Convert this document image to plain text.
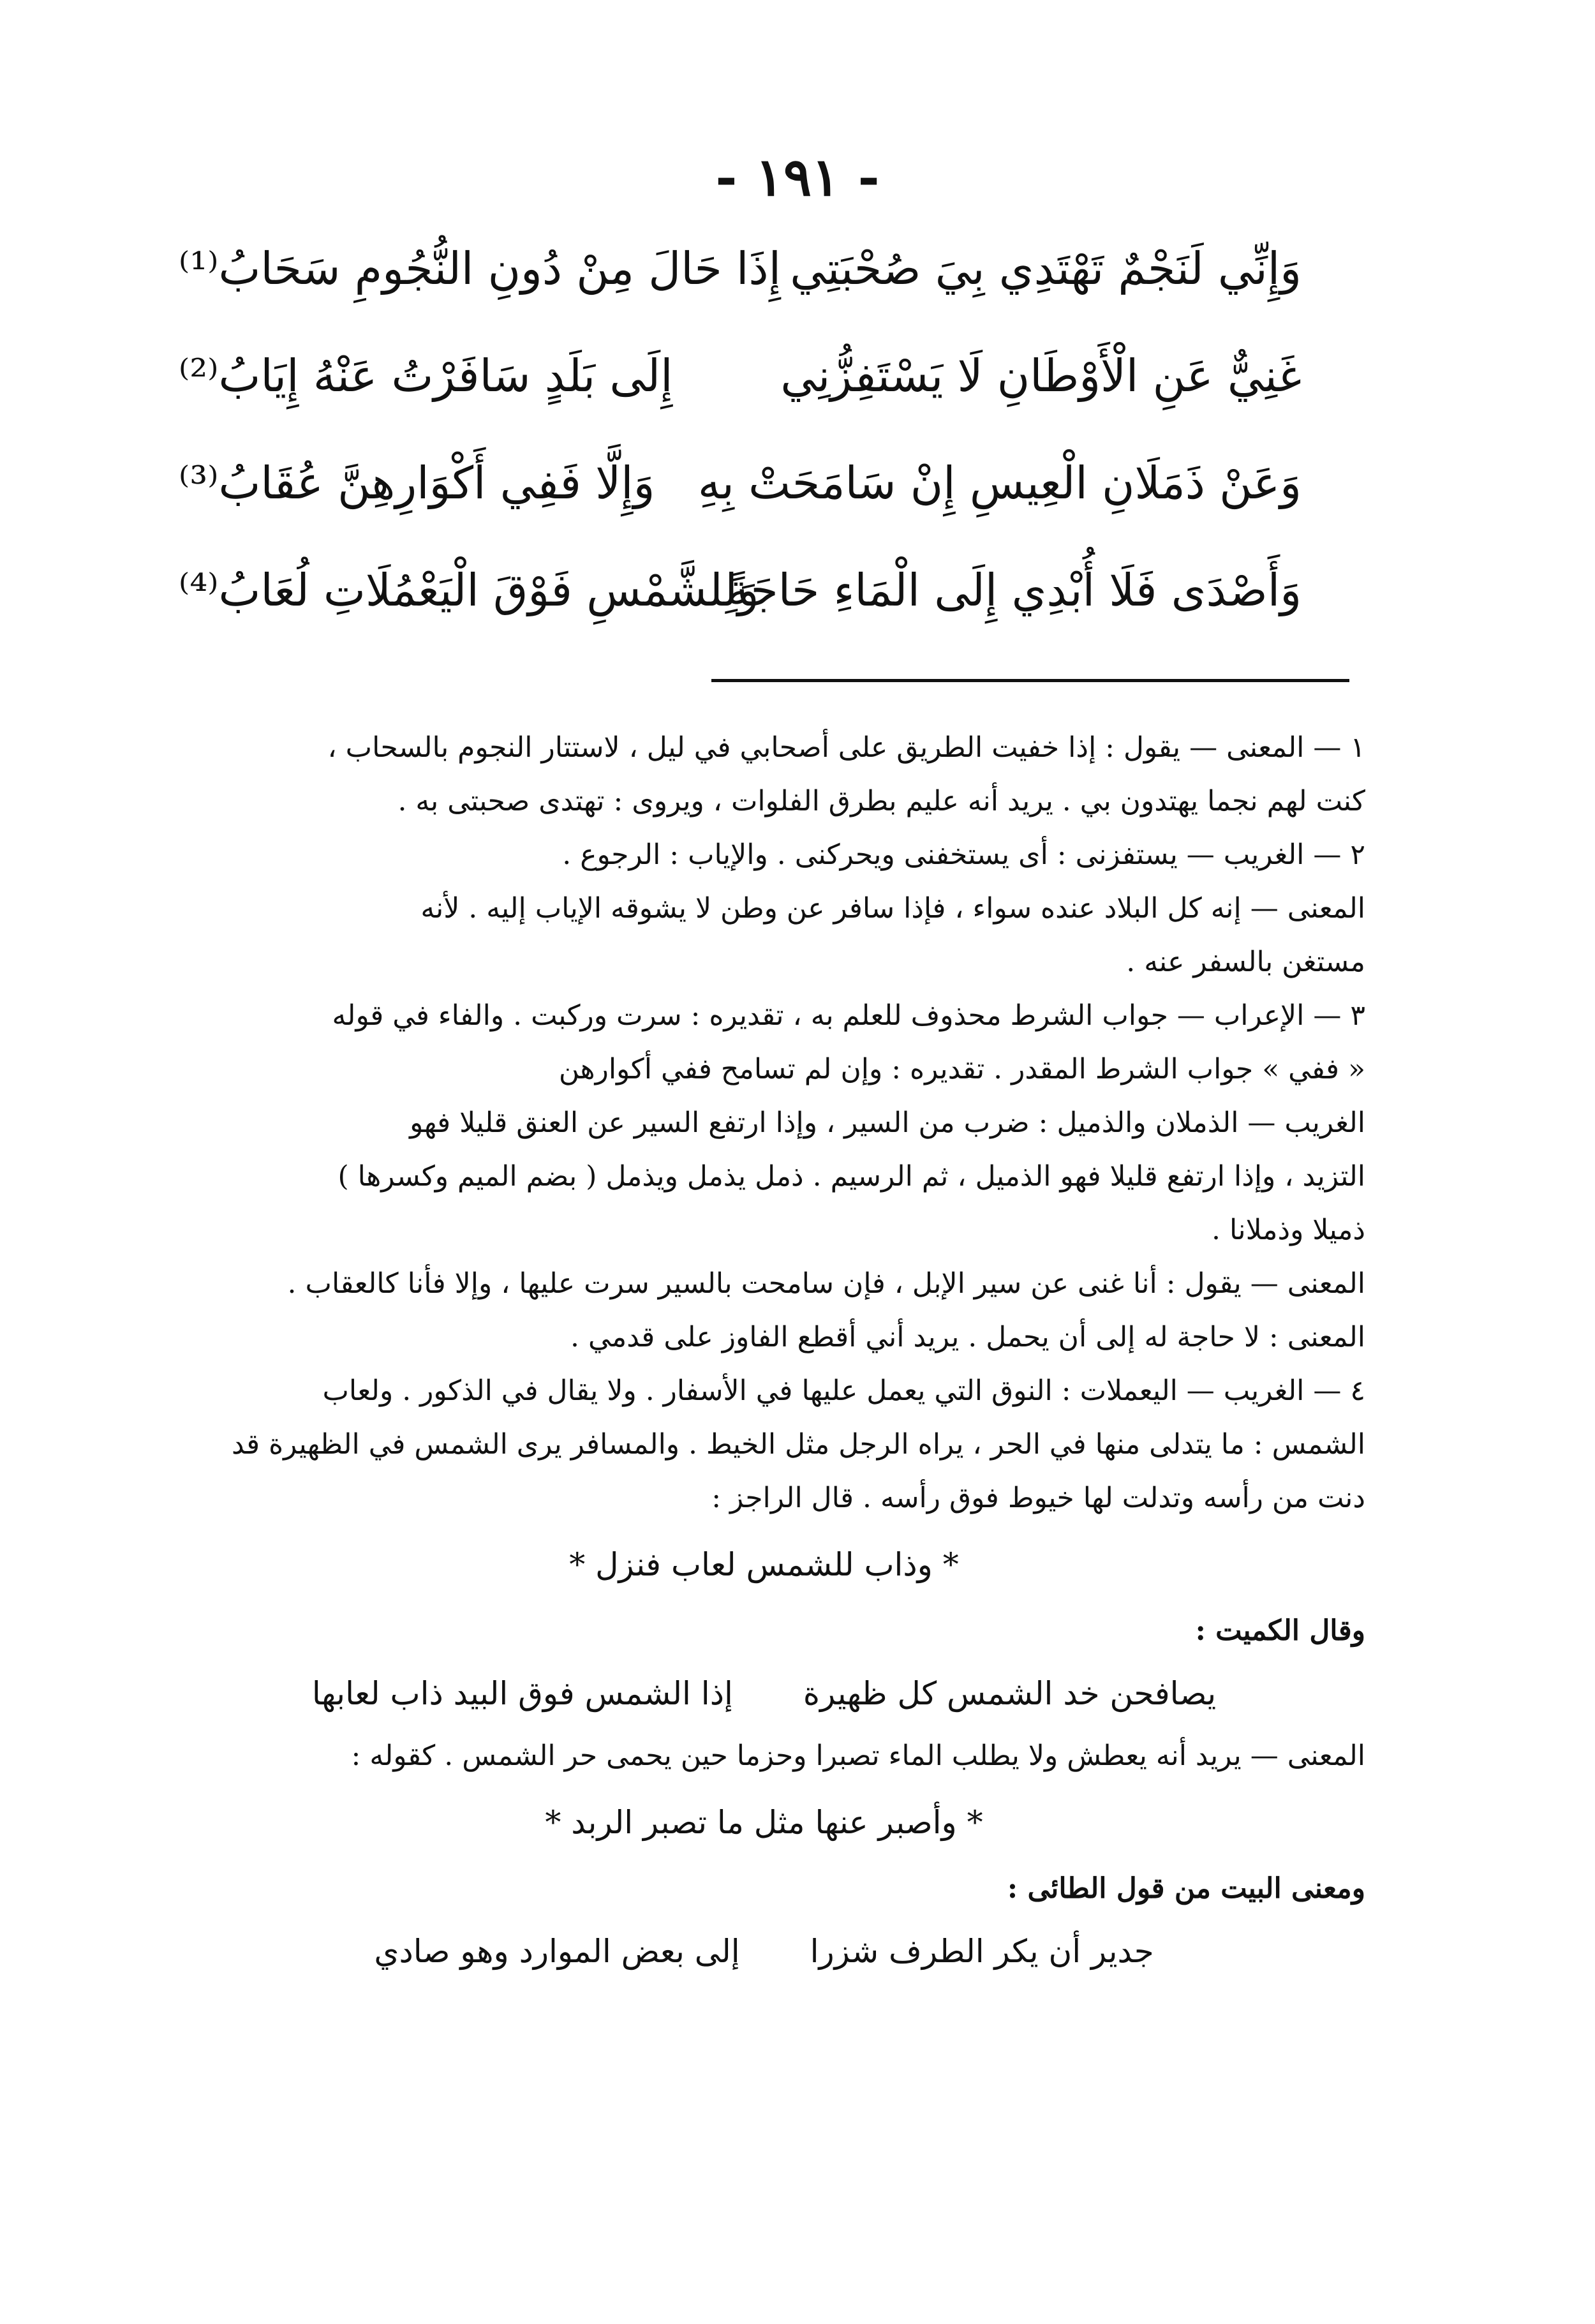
- ١٩١ -
وَإِنِّي لَنَجْمٌ تَهْتَدِي بِيَ صُحْبَتِي
إِذَا حَالَ مِنْ دُونِ النُّجُومِ سَحَابُ⁽¹⁾
غَنِيٌّ عَنِ الْأَوْطَانِ لَا يَسْتَفِزُّنِي
إِلَى بَلَدٍ سَافَرْتُ عَنْهُ إِيَابُ⁽²⁾
وَعَنْ ذَمَلَانِ الْعِيسِ إِنْ سَامَحَتْ بِهِ
وَإِلَّا فَفِي أَكْوَارِهِنَّ عُقَابُ⁽³⁾
وَأَصْدَى فَلَا أُبْدِي إِلَى الْمَاءِ حَاجَةً
وَلِلشَّمْسِ فَوْقَ الْيَعْمُلَاتِ لُعَابُ⁽⁴⁾

١ — المعنى — يقول : إذا خفيت الطريق على أصحابي في ليل ، لاستتار النجوم بالسحاب ،

كنت لهم نجما يهتدون بي . يريد أنه عليم بطرق الفلوات ، ويروى : تهتدى صحبتى به .

٢ — الغريب — يستفزنى : أى يستخفنى ويحركنى . والإياب : الرجوع .

المعنى — إنه كل البلاد عنده سواء ، فإذا سافر عن وطن لا يشوقه الإياب إليه . لأنه

مستغن بالسفر عنه .

٣ — الإعراب — جواب الشرط محذوف للعلم به ، تقديره : سرت وركبت . والفاء في قوله

« ففي » جواب الشرط المقدر . تقديره : وإن لم تسامح ففي أكوارهن

الغريب — الذملان والذميل : ضرب من السير ، وإذا ارتفع السير عن العنق قليلا فهو

التزيد ، وإذا ارتفع قليلا فهو الذميل ، ثم الرسيم . ذمل يذمل ويذمل ( بضم الميم وكسرها )

ذميلا وذملانا .

المعنى — يقول : أنا غنى عن سير الإبل ، فإن سامحت بالسير سرت عليها ، وإلا فأنا كالعقاب .

المعنى : لا حاجة له إلى أن يحمل . يريد أني أقطع الفاوز على قدمي .

٤ — الغريب — اليعملات : النوق التي يعمل عليها في الأسفار . ولا يقال في الذكور . ولعاب

الشمس : ما يتدلى منها في الحر ، يراه الرجل مثل الخيط . والمسافر يرى الشمس في الظهيرة قد

دنت من رأسه وتدلت لها خيوط فوق رأسه . قال الراجز :

* وذاب للشمس لعاب فنزل *

وقال الكميت :

يصافحن خد الشمس كل ظهيرة
إذا الشمس فوق البيد ذاب لعابها

المعنى — يريد أنه يعطش ولا يطلب الماء تصبرا وحزما حين يحمى حر الشمس . كقوله :

* وأصبر عنها مثل ما تصبر الربد *

ومعنى البيت من قول الطائى :

جدير أن يكر الطرف شزرا
إلى بعض الموارد وهو صادي
